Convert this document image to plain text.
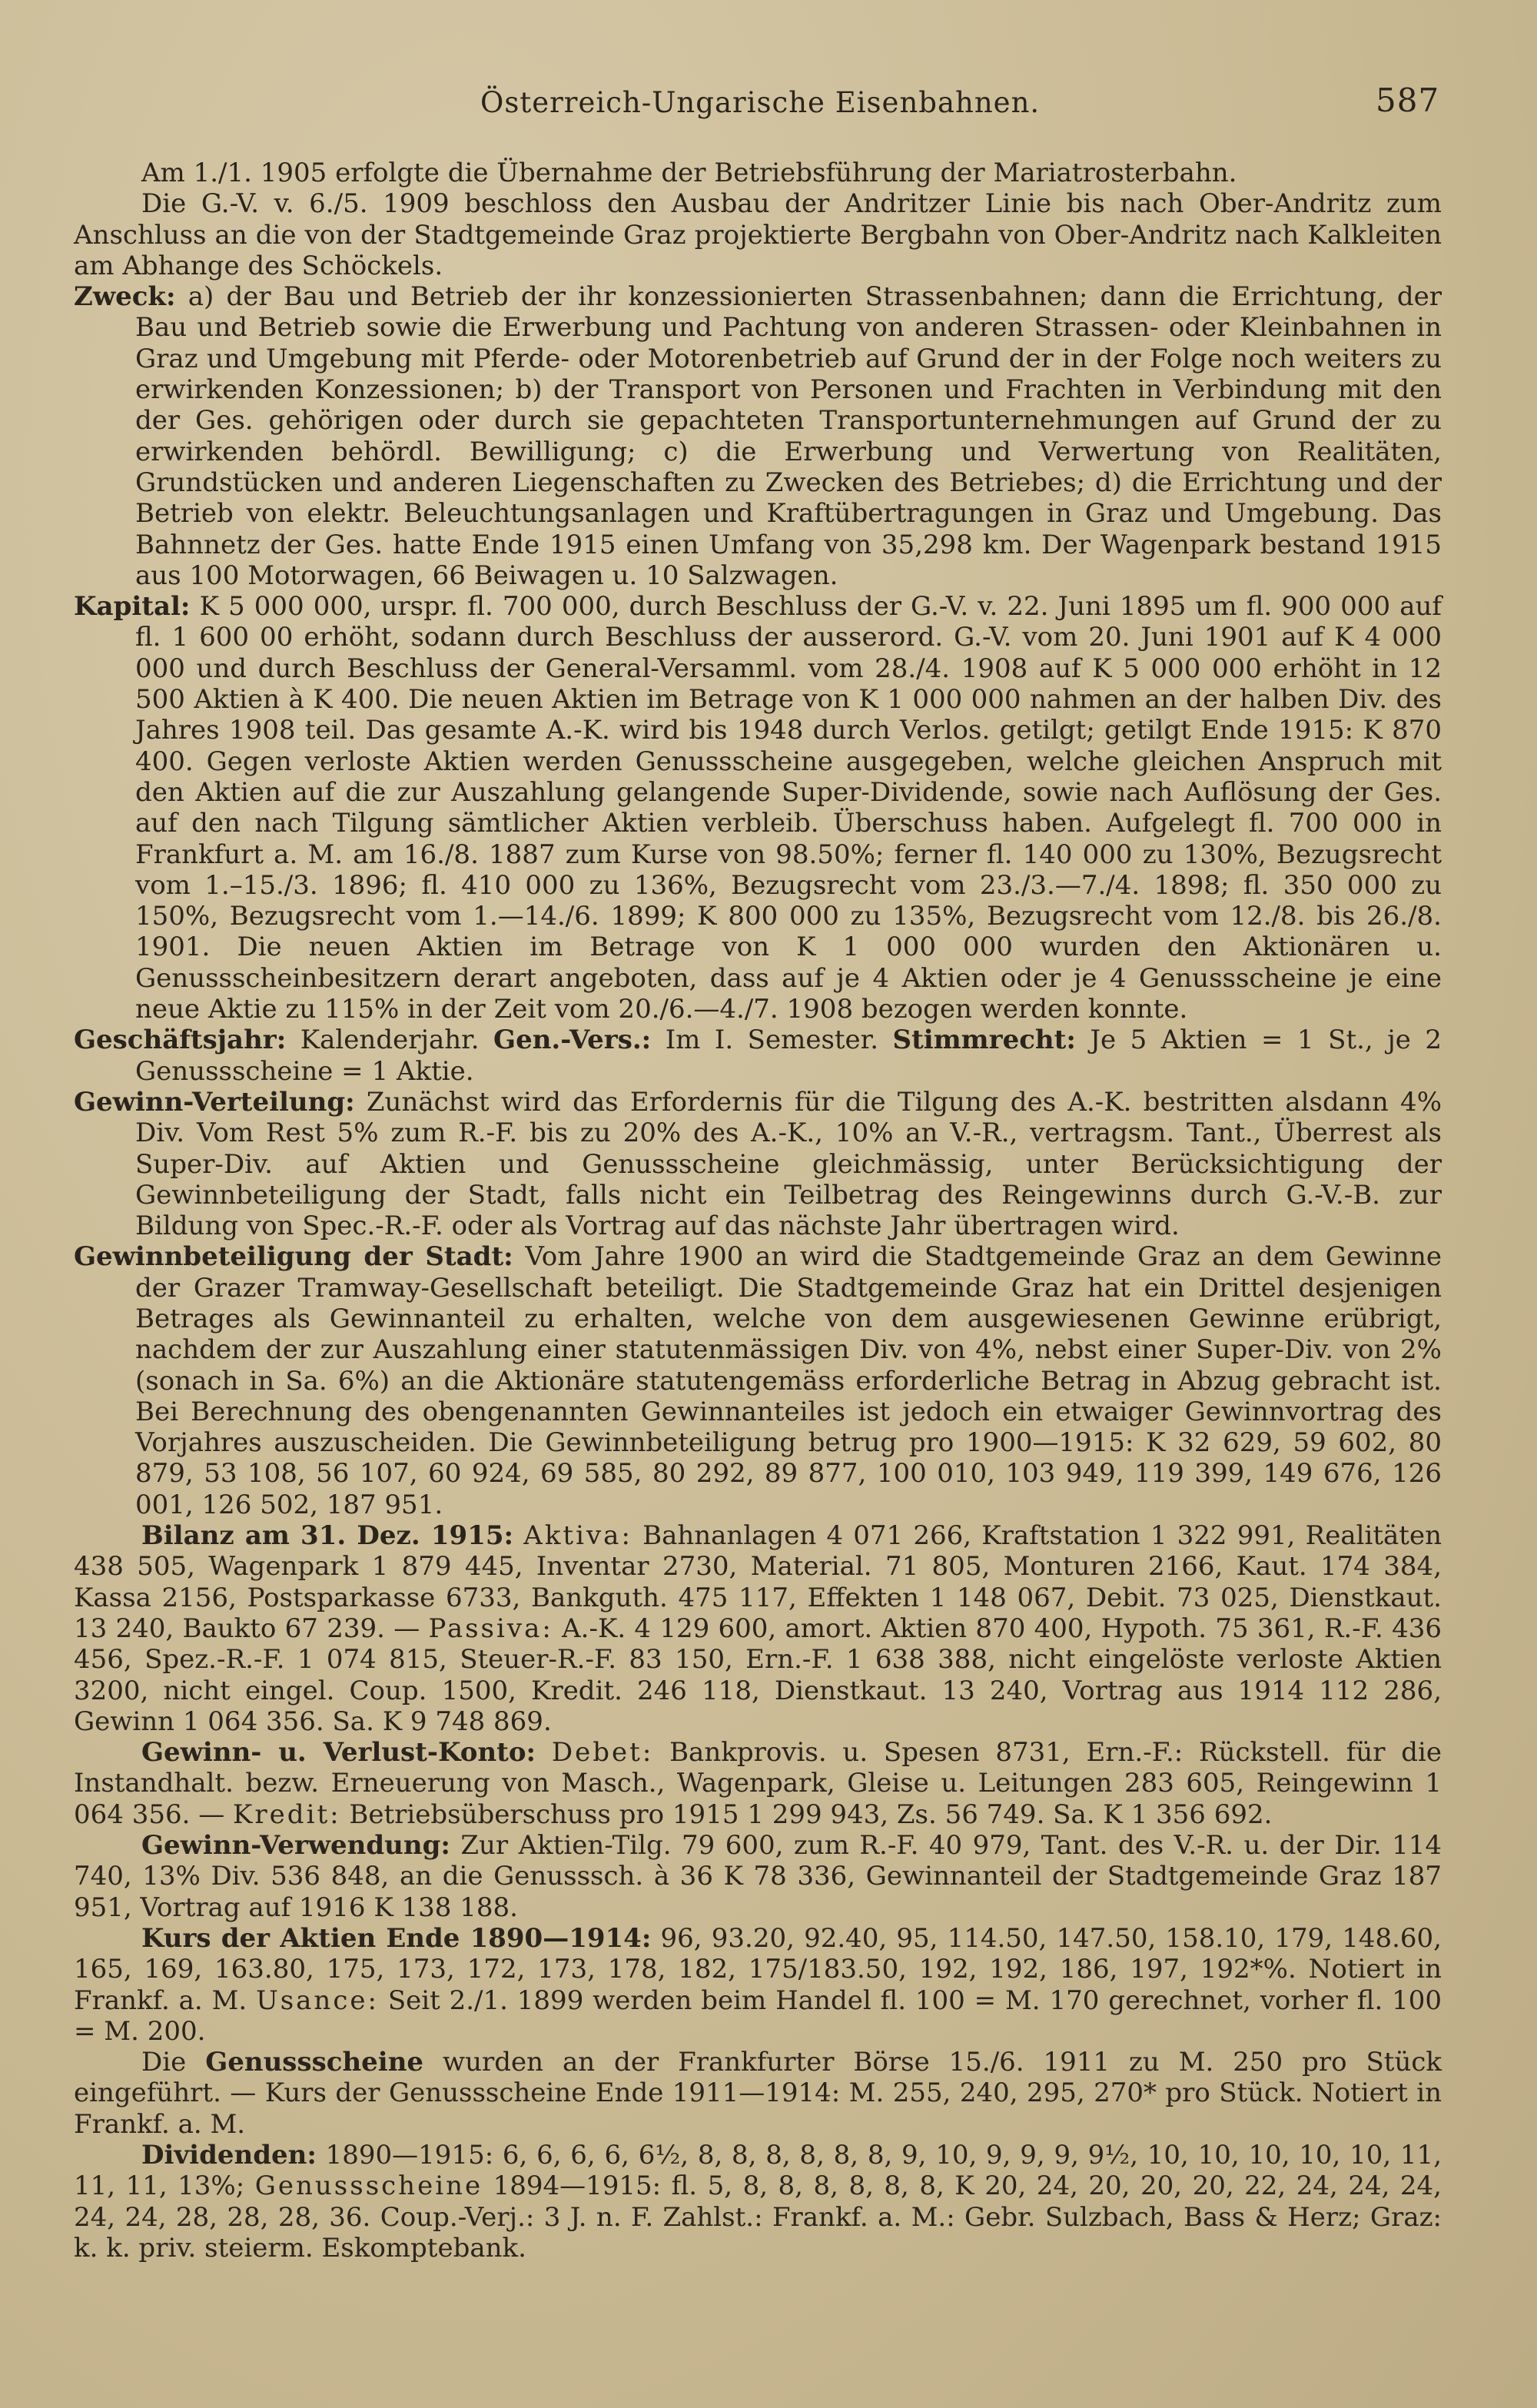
Österreich-Ungarische Eisenbahnen.	587

Am 1./1. 1905 erfolgte die Übernahme der Betriebsführung der Mariatrosterbahn.

Die G.-V. v. 6./5. 1909 beschloss den Ausbau der Andritzer Linie bis nach Ober-Andritz zum Anschluss an die von der Stadtgemeinde Graz projektierte Bergbahn von Ober-Andritz nach Kalkleiten am Abhange des Schöckels.

Zweck: a) der Bau und Betrieb der ihr konzessionierten Strassenbahnen; dann die Errichtung, der Bau und Betrieb sowie die Erwerbung und Pachtung von anderen Strassen- oder Kleinbahnen in Graz und Umgebung mit Pferde- oder Motorenbetrieb auf Grund der in der Folge noch weiters zu erwirkenden Konzessionen; b) der Transport von Personen und Frachten in Verbindung mit den der Ges. gehörigen oder durch sie gepachteten Transportunternehmungen auf Grund der zu erwirkenden behördl. Bewilligung; c) die Erwerbung und Verwertung von Realitäten, Grundstücken und anderen Liegenschaften zu Zwecken des Betriebes; d) die Errichtung und der Betrieb von elektr. Beleuchtungsanlagen und Kraftübertragungen in Graz und Umgebung. Das Bahnnetz der Ges. hatte Ende 1915 einen Umfang von 35,298 km. Der Wagenpark bestand 1915 aus 100 Motorwagen, 66 Beiwagen u. 10 Salzwagen.

Kapital: K 5 000 000, urspr. fl. 700 000, durch Beschluss der G.-V. v. 22. Juni 1895 um fl. 900 000 auf fl. 1 600 00 erhöht, sodann durch Beschluss der ausserord. G.-V. vom 20. Juni 1901 auf K 4 000 000 und durch Beschluss der General-Versamml. vom 28./4. 1908 auf K 5 000 000 erhöht in 12 500 Aktien à K 400. Die neuen Aktien im Betrage von K 1 000 000 nahmen an der halben Div. des Jahres 1908 teil. Das gesamte A.-K. wird bis 1948 durch Verlos. getilgt; getilgt Ende 1915: K 870 400. Gegen verloste Aktien werden Genussscheine ausgegeben, welche gleichen Anspruch mit den Aktien auf die zur Auszahlung gelangende Super-Dividende, sowie nach Auflösung der Ges. auf den nach Tilgung sämtlicher Aktien verbleib. Überschuss haben. Aufgelegt fl. 700 000 in Frankfurt a. M. am 16./8. 1887 zum Kurse von 98.50%; ferner fl. 140 000 zu 130%, Bezugsrecht vom 1.–15./3. 1896; fl. 410 000 zu 136%, Bezugsrecht vom 23./3.—7./4. 1898; fl. 350 000 zu 150%, Bezugsrecht vom 1.—14./6. 1899; K 800 000 zu 135%, Bezugsrecht vom 12./8. bis 26./8. 1901. Die neuen Aktien im Betrage von K 1 000 000 wurden den Aktionären u. Genussscheinbesitzern derart angeboten, dass auf je 4 Aktien oder je 4 Genussscheine je eine neue Aktie zu 115% in der Zeit vom 20./6.—4./7. 1908 bezogen werden konnte.

Geschäftsjahr: Kalenderjahr. Gen.-Vers.: Im I. Semester. Stimmrecht: Je 5 Aktien = 1 St., je 2 Genussscheine = 1 Aktie.

Gewinn-Verteilung: Zunächst wird das Erfordernis für die Tilgung des A.-K. bestritten alsdann 4% Div. Vom Rest 5% zum R.-F. bis zu 20% des A.-K., 10% an V.-R., vertragsm. Tant., Überrest als Super-Div. auf Aktien und Genussscheine gleichmässig, unter Berücksichtigung der Gewinnbeteiligung der Stadt, falls nicht ein Teilbetrag des Reingewinns durch G.-V.-B. zur Bildung von Spec.-R.-F. oder als Vortrag auf das nächste Jahr übertragen wird.

Gewinnbeteiligung der Stadt: Vom Jahre 1900 an wird die Stadtgemeinde Graz an dem Gewinne der Grazer Tramway-Gesellschaft beteiligt. Die Stadtgemeinde Graz hat ein Drittel desjenigen Betrages als Gewinnanteil zu erhalten, welche von dem ausgewiesenen Gewinne erübrigt, nachdem der zur Auszahlung einer statutenmässigen Div. von 4%, nebst einer Super-Div. von 2% (sonach in Sa. 6%) an die Aktionäre statutengemäss erforderliche Betrag in Abzug gebracht ist. Bei Berechnung des obengenannten Gewinnanteiles ist jedoch ein etwaiger Gewinnvortrag des Vorjahres auszuscheiden. Die Gewinnbeteiligung betrug pro 1900—1915: K 32 629, 59 602, 80 879, 53 108, 56 107, 60 924, 69 585, 80 292, 89 877, 100 010, 103 949, 119 399, 149 676, 126 001, 126 502, 187 951.

Bilanz am 31. Dez. 1915: Aktiva: Bahnanlagen 4 071 266, Kraftstation 1 322 991, Realitäten 438 505, Wagenpark 1 879 445, Inventar 2730, Material. 71 805, Monturen 2166, Kaut. 174 384, Kassa 2156, Postsparkasse 6733, Bankguth. 475 117, Effekten 1 148 067, Debit. 73 025, Dienstkaut. 13 240, Baukto 67 239. — Passiva: A.-K. 4 129 600, amort. Aktien 870 400, Hypoth. 75 361, R.-F. 436 456, Spez.-R.-F. 1 074 815, Steuer-R.-F. 83 150, Ern.-F. 1 638 388, nicht eingelöste verloste Aktien 3200, nicht eingel. Coup. 1500, Kredit. 246 118, Dienstkaut. 13 240, Vortrag aus 1914 112 286, Gewinn 1 064 356. Sa. K 9 748 869.

Gewinn- u. Verlust-Konto: Debet: Bankprovis. u. Spesen 8731, Ern.-F.: Rückstell. für die Instandhalt. bezw. Erneuerung von Masch., Wagenpark, Gleise u. Leitungen 283 605, Reingewinn 1 064 356. — Kredit: Betriebsüberschuss pro 1915 1 299 943, Zs. 56 749. Sa. K 1 356 692.

Gewinn-Verwendung: Zur Aktien-Tilg. 79 600, zum R.-F. 40 979, Tant. des V.-R. u. der Dir. 114 740, 13% Div. 536 848, an die Genusssch. à 36 K 78 336, Gewinnanteil der Stadtgemeinde Graz 187 951, Vortrag auf 1916 K 138 188.

Kurs der Aktien Ende 1890—1914: 96, 93.20, 92.40, 95, 114.50, 147.50, 158.10, 179, 148.60, 165, 169, 163.80, 175, 173, 172, 173, 178, 182, 175/183.50, 192, 192, 186, 197, 192*%. Notiert in Frankf. a. M. Usance: Seit 2./1. 1899 werden beim Handel fl. 100 = M. 170 gerechnet, vorher fl. 100 = M. 200.

Die Genussscheine wurden an der Frankfurter Börse 15./6. 1911 zu M. 250 pro Stück eingeführt. — Kurs der Genussscheine Ende 1911—1914: M. 255, 240, 295, 270* pro Stück. Notiert in Frankf. a. M.

Dividenden: 1890—1915: 6, 6, 6, 6, 6½, 8, 8, 8, 8, 8, 8, 9, 10, 9, 9, 9, 9½, 10, 10, 10, 10, 10, 11, 11, 11, 13%; Genussscheine 1894—1915: fl. 5, 8, 8, 8, 8, 8, 8, K 20, 24, 20, 20, 20, 22, 24, 24, 24, 24, 24, 28, 28, 28, 36. Coup.-Verj.: 3 J. n. F. Zahlst.: Frankf. a. M.: Gebr. Sulzbach, Bass & Herz; Graz: k. k. priv. steierm. Eskomptebank.
